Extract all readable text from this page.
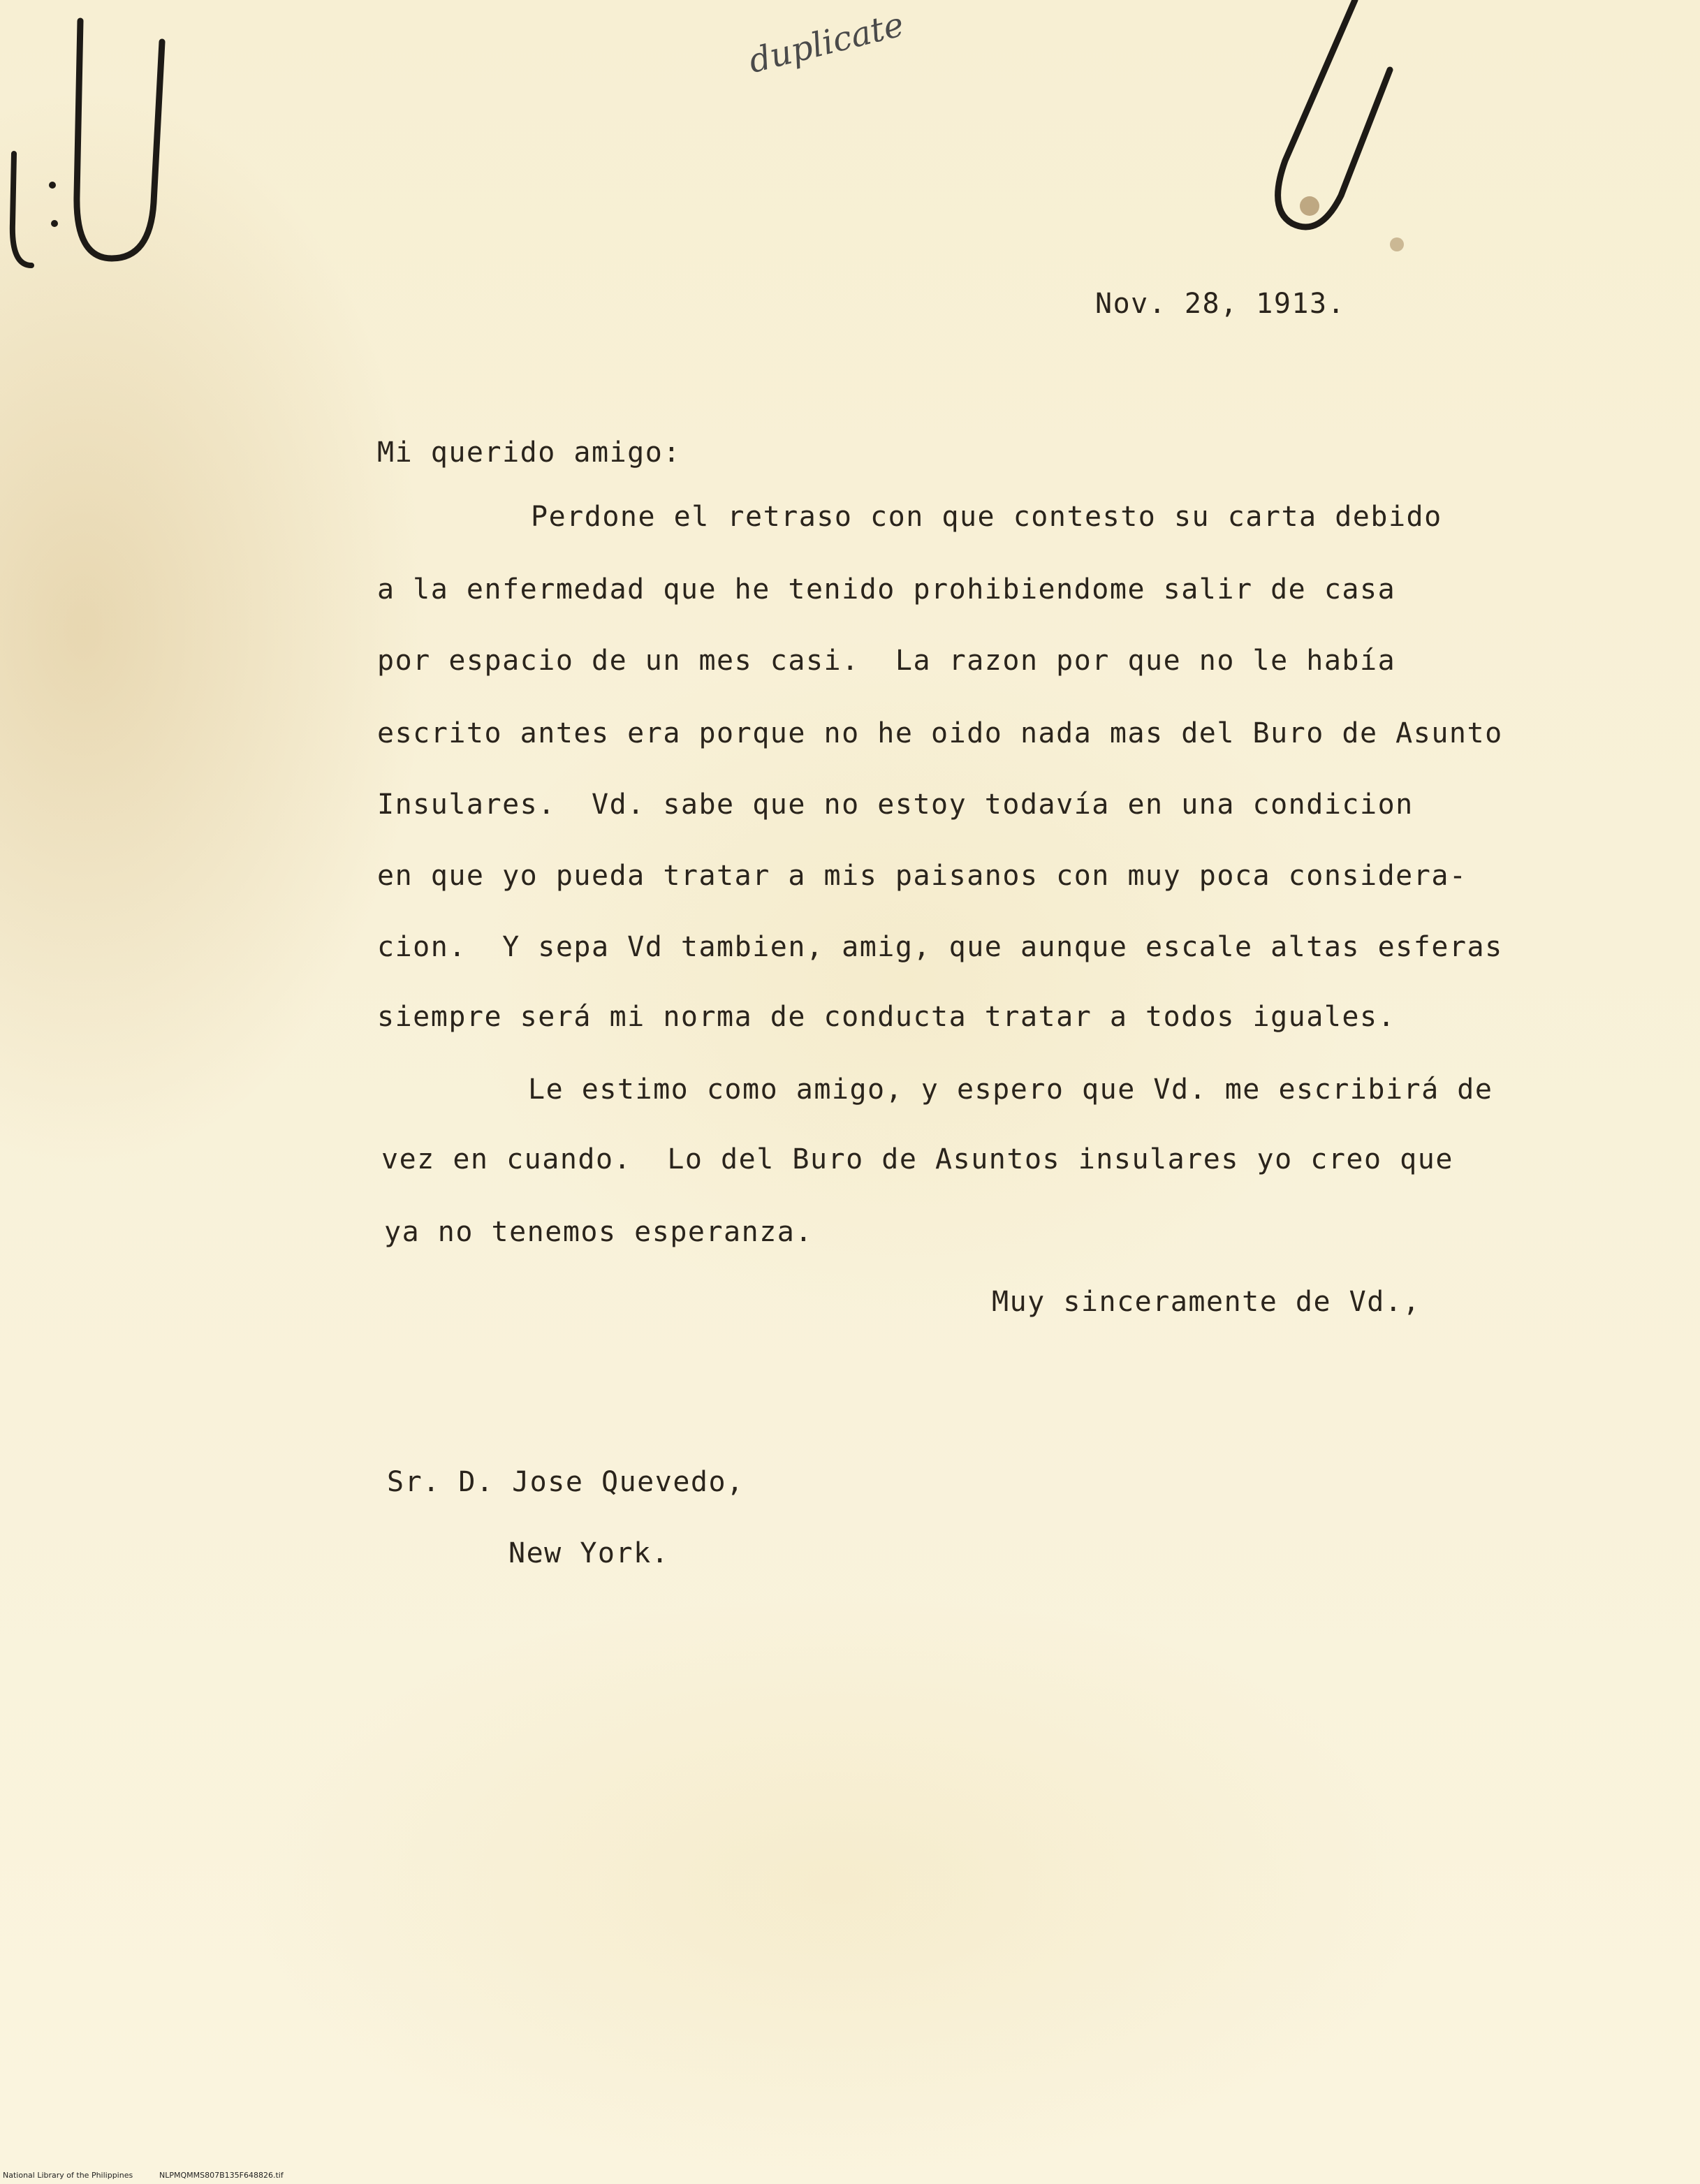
duplicate
Nov. 28, 1913.
Mi querido amigo:
Perdone el retraso con que contesto su carta debido
a la enfermedad que he tenido prohibiendome salir de casa
por espacio de un mes casi.  La razon por que no le había
escrito antes era porque no he oido nada mas del Buro de Asunto
Insulares.  Vd. sabe que no estoy todavía en una condicion
en que yo pueda tratar a mis paisanos con muy poca considera-
cion.  Y sepa Vd tambien, amig, que aunque escale altas esferas
siempre será mi norma de conducta tratar a todos iguales.
Le estimo como amigo, y espero que Vd. me escribirá de
vez en cuando.  Lo del Buro de Asuntos insulares yo creo que
ya no tenemos esperanza.
Muy sinceramente de Vd.,
Sr. D. Jose Quevedo,
New York.
National Library of the Philippines	NLPMQMMS807B135F648826.tif
